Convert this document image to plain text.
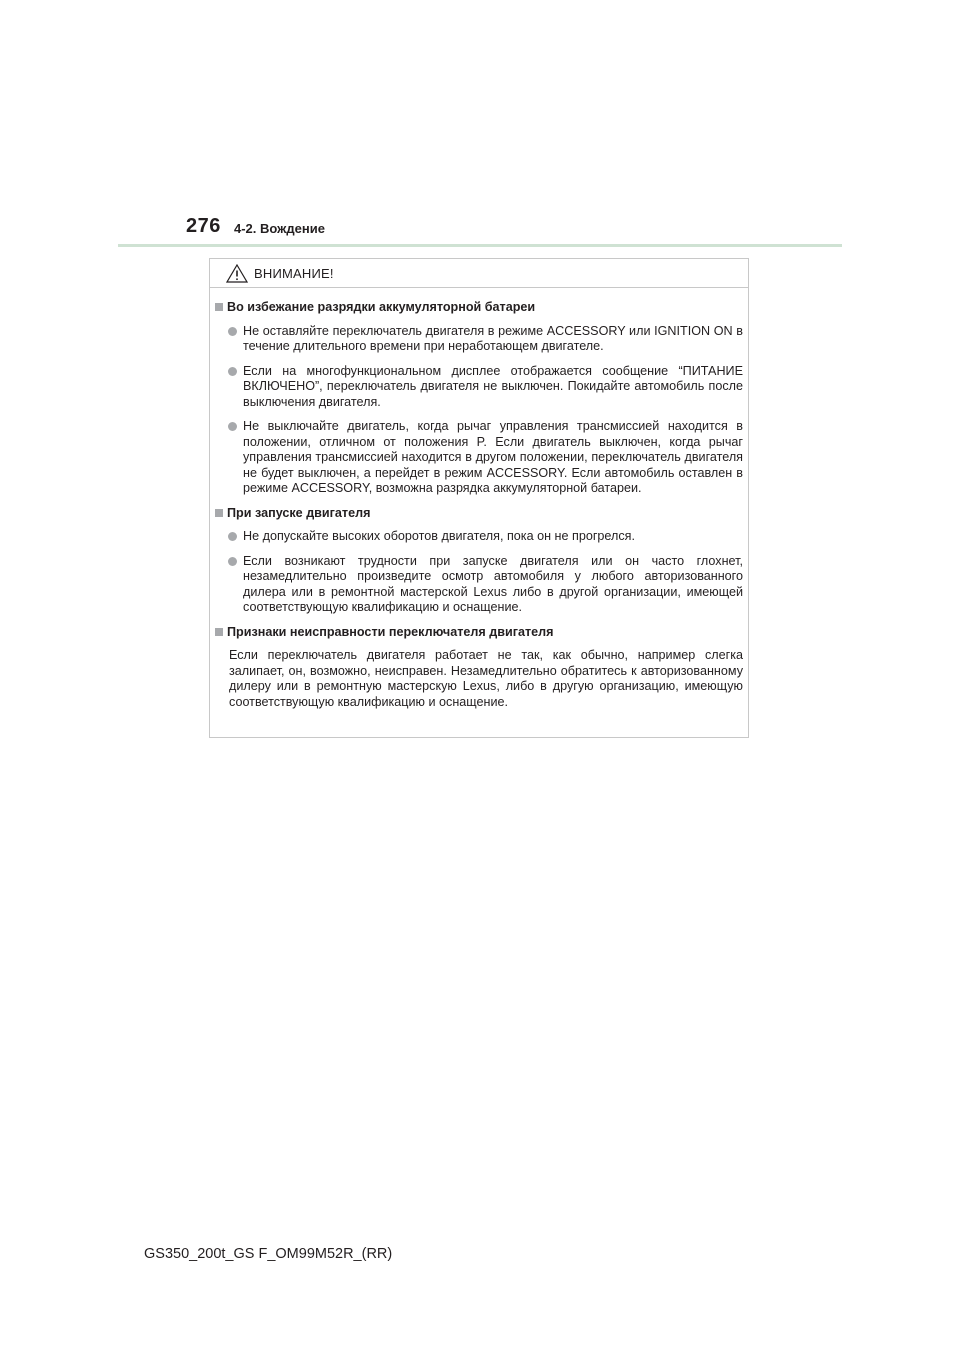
276 4-2. Вождение
ВНИМАНИЕ!
Во избежание разрядки аккумуляторной батареи
Не оставляйте переключатель двигателя в режиме ACCESSORY или IGNITION ON в течение длительного времени при неработающем двигателе.
Если на многофункциональном дисплее отображается сообщение “ПИТАНИЕ ВКЛЮЧЕНО”, переключатель двигателя не выключен. Покидайте автомобиль после выключения двигателя.
Не выключайте двигатель, когда рычаг управления трансмиссией находится в положении, отличном от положения P. Если двигатель выключен, когда рычаг управления трансмиссией находится в другом положении, переключатель двигателя не будет выключен, а перейдет в режим ACCESSORY. Если автомобиль оставлен в режиме ACCESSORY, возможна разрядка аккумуляторной батареи.
При запуске двигателя
Не допускайте высоких оборотов двигателя, пока он не прогрелся.
Если возникают трудности при запуске двигателя или он часто глохнет, незамедлительно произведите осмотр автомобиля у любого авторизованного дилера или в ремонтной мастерской Lexus либо в другой организации, имеющей соответствующую квалификацию и оснащение.
Признаки неисправности переключателя двигателя
Если переключатель двигателя работает не так, как обычно, например слегка залипает, он, возможно, неисправен. Незамедлительно обратитесь к авторизованному дилеру или в ремонтную мастерскую Lexus, либо в другую организацию, имеющую соответствующую квалификацию и оснащение.
GS350_200t_GS F_OM99M52R_(RR)
